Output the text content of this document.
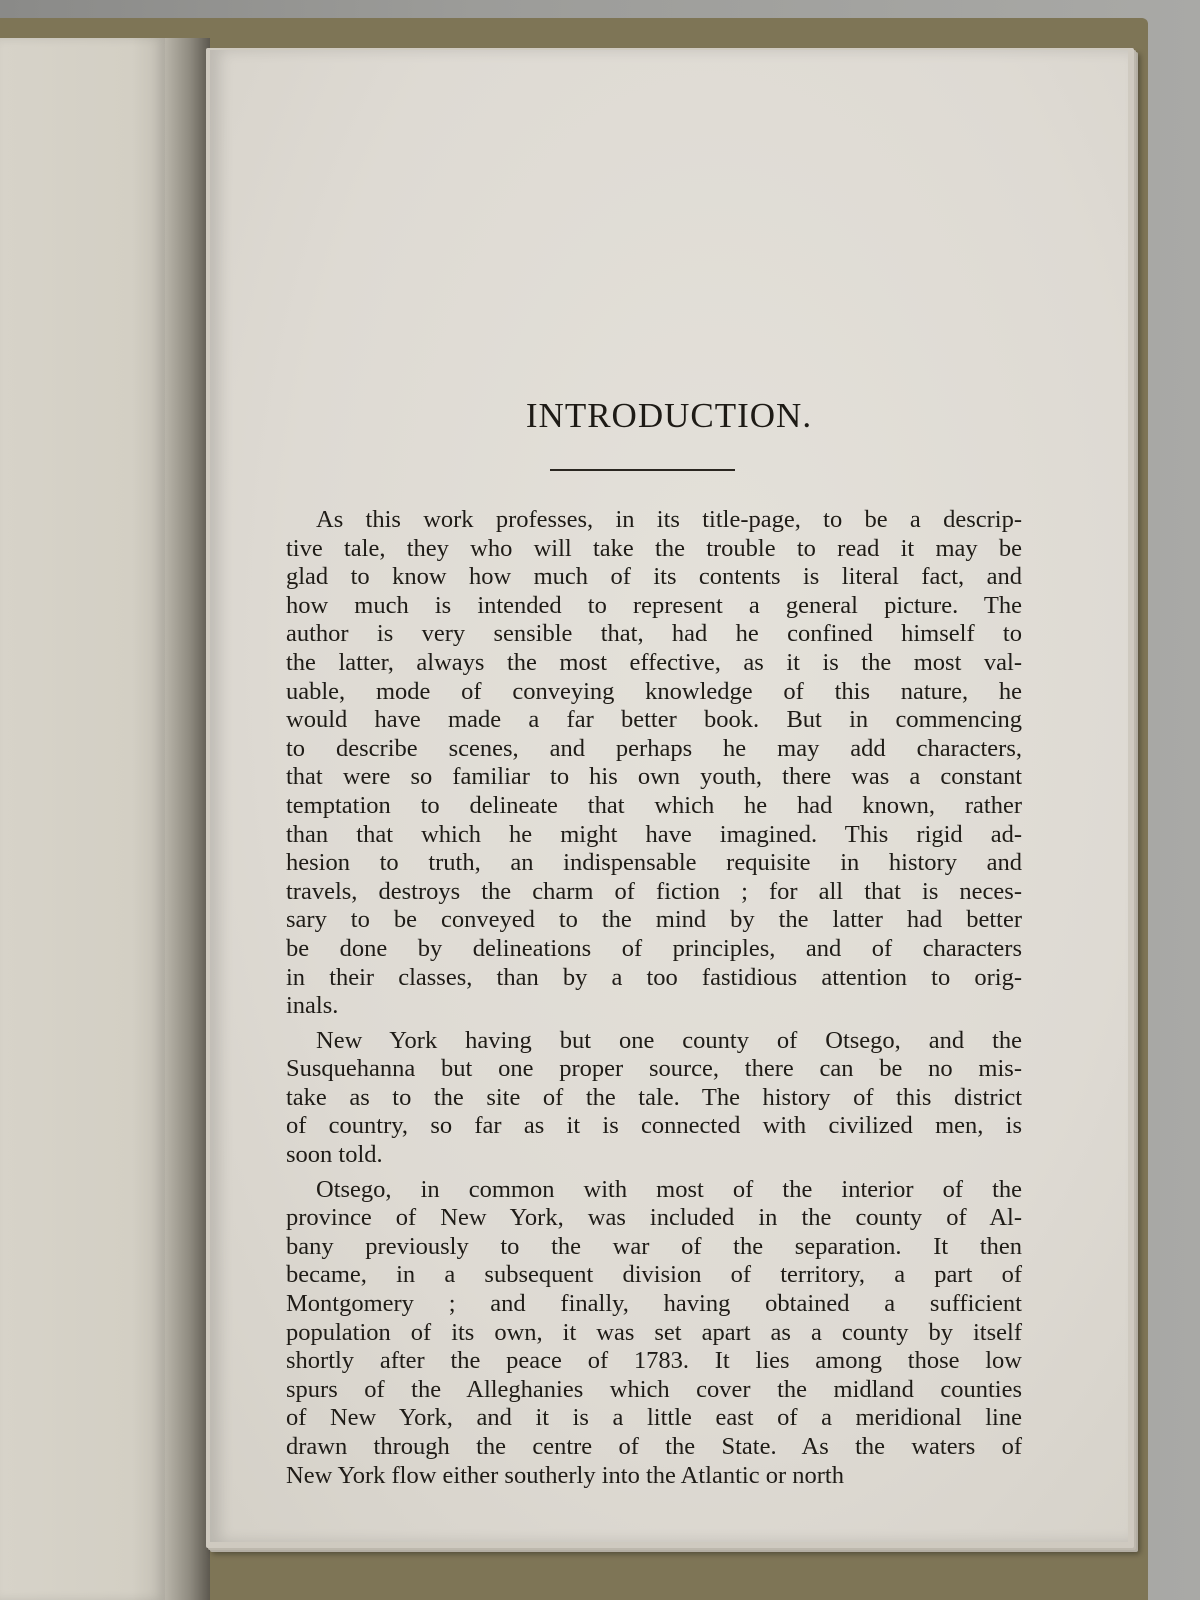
INTRODUCTION.
As this work professes, in its title-page, to be a descrip-
tive tale, they who will take the trouble to read it may be
glad to know how much of its contents is literal fact, and
how much is intended to represent a general picture. The
author is very sensible that, had he confined himself to
the latter, always the most effective, as it is the most val-
uable, mode of conveying knowledge of this nature, he
would have made a far better book. But in commencing
to describe scenes, and perhaps he may add characters,
that were so familiar to his own youth, there was a constant
temptation to delineate that which he had known, rather
than that which he might have imagined. This rigid ad-
hesion to truth, an indispensable requisite in history and
travels, destroys the charm of fiction ; for all that is neces-
sary to be conveyed to the mind by the latter had better
be done by delineations of principles, and of characters
in their classes, than by a too fastidious attention to orig-
inals.
New York having but one county of Otsego, and the
Susquehanna but one proper source, there can be no mis-
take as to the site of the tale. The history of this district
of country, so far as it is connected with civilized men, is
soon told.
Otsego, in common with most of the interior of the
province of New York, was included in the county of Al-
bany previously to the war of the separation. It then
became, in a subsequent division of territory, a part of
Montgomery ; and finally, having obtained a sufficient
population of its own, it was set apart as a county by itself
shortly after the peace of 1783. It lies among those low
spurs of the Alleghanies which cover the midland counties
of New York, and it is a little east of a meridional line
drawn through the centre of the State. As the waters of
New York flow either southerly into the Atlantic or north
